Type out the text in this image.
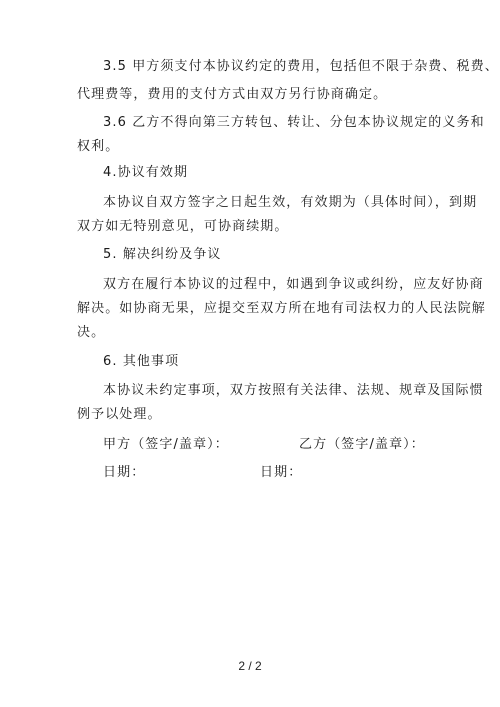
3.5 甲方须支付本协议约定的费用，包括但不限于杂费、税费、
代理费等，费用的支付方式由双方另行协商确定。
3.6 乙方不得向第三方转包、转让、分包本协议规定的义务和
权利。
4.协议有效期
本协议自双方签字之日起生效，有效期为（具体时间），到期
双方如无特别意见，可协商续期。
5. 解决纠纷及争议
双方在履行本协议的过程中，如遇到争议或纠纷，应友好协商
解决。如协商无果，应提交至双方所在地有司法权力的人民法院解
决。
6. 其他事项
本协议未约定事项，双方按照有关法律、法规、规章及国际惯
例予以处理。
甲方（签字/盖章）：	乙方（签字/盖章）：
日期：	日期：
2 / 2
